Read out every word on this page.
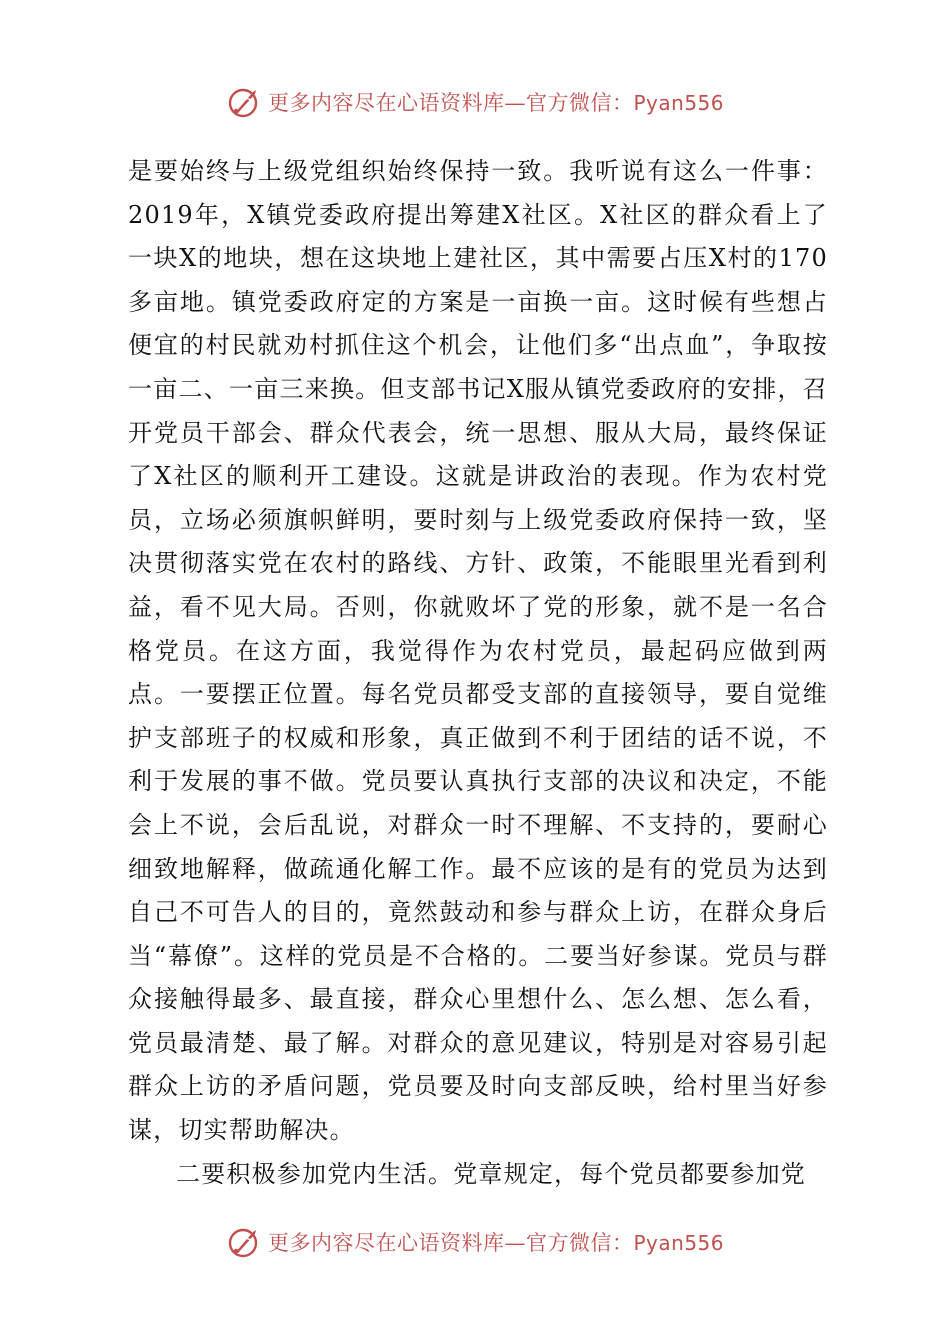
更多内容尽在心语资料库—官方微信：Pyan556

是要始终与上级党组织始终保持一致。我听说有这么一件事：2019年，X镇党委政府提出筹建X社区。X社区的群众看上了一块X的地块，想在这块地上建社区，其中需要占压X村的170多亩地。镇党委政府定的方案是一亩换一亩。这时候有些想占便宜的村民就劝村抓住这个机会，让他们多“出点血”，争取按一亩二、一亩三来换。但支部书记X服从镇党委政府的安排，召开党员干部会、群众代表会，统一思想、服从大局，最终保证了X社区的顺利开工建设。这就是讲政治的表现。作为农村党员，立场必须旗帜鲜明，要时刻与上级党委政府保持一致，坚决贯彻落实党在农村的路线、方针、政策，不能眼里光看到利益，看不见大局。否则，你就败坏了党的形象，就不是一名合格党员。在这方面，我觉得作为农村党员，最起码应做到两点。一要摆正位置。每名党员都受支部的直接领导，要自觉维护支部班子的权威和形象，真正做到不利于团结的话不说，不利于发展的事不做。党员要认真执行支部的决议和决定，不能会上不说，会后乱说，对群众一时不理解、不支持的，要耐心细致地解释，做疏通化解工作。最不应该的是有的党员为达到自己不可告人的目的，竟然鼓动和参与群众上访，在群众身后当“幕僚”。这样的党员是不合格的。二要当好参谋。党员与群众接触得最多、最直接，群众心里想什么、怎么想、怎么看，党员最清楚、最了解。对群众的意见建议，特别是对容易引起群众上访的矛盾问题，党员要及时向支部反映，给村里当好参谋，切实帮助解决。

二要积极参加党内生活。党章规定，每个党员都要参加党

更多内容尽在心语资料库—官方微信：Pyan556
